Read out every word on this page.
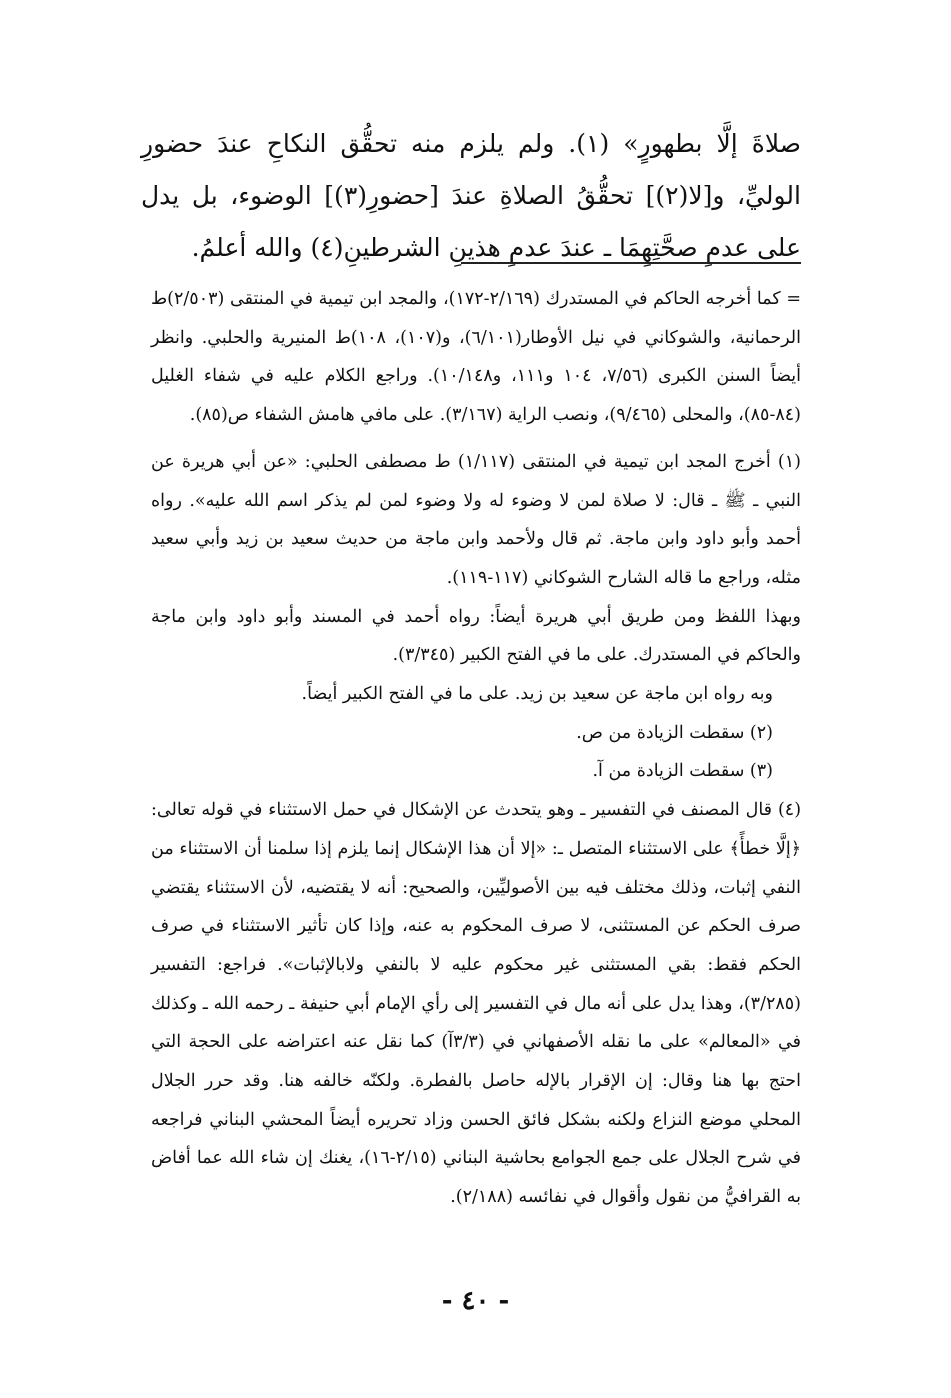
صلاةَ إلَّا بطهورٍ» (١). ولم يلزم منه تحقُّق النكاحِ عندَ حضورِ الوليِّ، و[لا(٢)] تحقُّقُ الصلاةِ عندَ [حضورِ(٣)] الوضوء، بل يدل على عدمِ صحَّتِهِمَا ـ عندَ عدمِ هذينِ الشرطينِ(٤) والله أعلمُ.

= كما أخرجه الحاكم في المستدرك (٢/١٦٩-١٧٢)، والمجد ابن تيمية في المنتقى (٢/٥٠٣)ط الرحمانية، والشوكاني في نيل الأوطار(٦/١٠١)، و(١٠٧)، ١٠٨)ط المنيرية والحلبي. وانظر أيضاً السنن الكبرى (٧/٥٦، ١٠٤ و١١١، و١٠/١٤٨). وراجع الكلام عليه في شفاء الغليل (٨٤-٨٥)، والمحلى (٩/٤٦٥)، ونصب الراية (٣/١٦٧). على مافي هامش الشفاء ص(٨٥).

(١) أخرج المجد ابن تيمية في المنتقى (١/١١٧) ط مصطفى الحلبي: «عن أبي هريرة عن النبي ـ ﷺ ـ قال: لا صلاة لمن لا وضوء له ولا وضوء لمن لم يذكر اسم الله عليه». رواه أحمد وأبو داود وابن ماجة. ثم قال ولأحمد وابن ماجة من حديث سعيد بن زيد وأبي سعيد مثله، وراجع ما قاله الشارح الشوكاني (١١٧-١١٩).

وبهذا اللفظ ومن طريق أبي هريرة أيضاً: رواه أحمد في المسند وأبو داود وابن ماجة والحاكم في المستدرك. على ما في الفتح الكبير (٣/٣٤٥).

وبه رواه ابن ماجة عن سعيد بن زيد. على ما في الفتح الكبير أيضاً.

(٢) سقطت الزيادة من ص.

(٣) سقطت الزيادة من آ.

(٤) قال المصنف في التفسير ـ وهو يتحدث عن الإشكال في حمل الاستثناء في قوله تعالى: ﴿إلَّا خطأً﴾ على الاستثناء المتصل ـ: «إلا أن هذا الإشكال إنما يلزم إذا سلمنا أن الاستثناء من النفي إثبات، وذلك مختلف فيه بين الأصوليِّين، والصحيح: أنه لا يقتضيه، لأن الاستثناء يقتضي صرف الحكم عن المستثنى، لا صرف المحكوم به عنه، وإذا كان تأثير الاستثناء في صرف الحكم فقط: بقي المستثنى غير محكوم عليه لا بالنفي ولابالإثبات». فراجع: التفسير (٣/٢٨٥)، وهذا يدل على أنه مال في التفسير إلى رأي الإمام أبي حنيفة ـ رحمه الله ـ وكذلك في «المعالم» على ما نقله الأصفهاني في (٣/٣آ) كما نقل عنه اعتراضه على الحجة التي احتج بها هنا وقال: إن الإقرار بالإله حاصل بالفطرة. ولكنّه خالفه هنا. وقد حرر الجلال المحلي موضع النزاع ولكنه بشكل فائق الحسن وزاد تحريره أيضاً المحشي البناني فراجعه في شرح الجلال على جمع الجوامع بحاشية البناني (٢/١٥-١٦)، يغنك إن شاء الله عما أفاض به القرافيُّ من نقول وأقوال في نفائسه (٢/١٨٨).

- ٤٠ -
